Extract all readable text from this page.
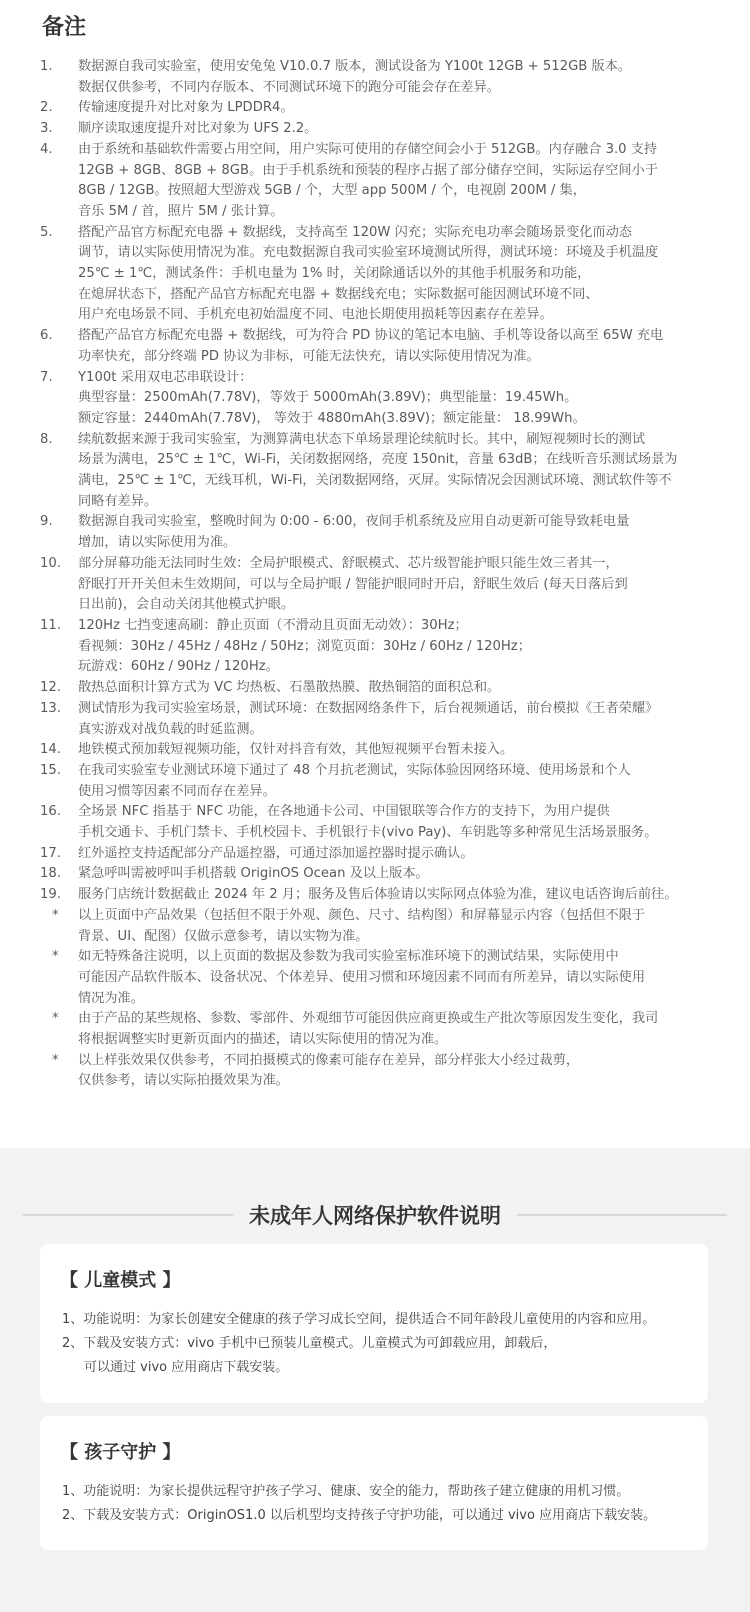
备注
1.	数据源自我司实验室，使用安兔兔 V10.0.7 版本，测试设备为 Y100t 12GB + 512GB 版本。
数据仅供参考，不同内存版本、不同测试环境下的跑分可能会存在差异。
2.	传输速度提升对比对象为 LPDDR4。
3.	顺序读取速度提升对比对象为 UFS 2.2。
4.	由于系统和基础软件需要占用空间，用户实际可使用的存储空间会小于 512GB。内存融合 3.0 支持
12GB + 8GB、8GB + 8GB。由于手机系统和预装的程序占据了部分储存空间，实际运存空间小于
8GB / 12GB。按照超大型游戏 5GB / 个，大型 app 500M / 个，电视剧 200M / 集，
音乐 5M / 首，照片 5M / 张计算。
5.	搭配产品官方标配充电器 + 数据线，支持高至 120W 闪充；实际充电功率会随场景变化而动态
调节，请以实际使用情况为准。充电数据源自我司实验室环境测试所得，测试环境：环境及手机温度
25℃ ± 1℃，测试条件：手机电量为 1% 时，关闭除通话以外的其他手机服务和功能，
在熄屏状态下，搭配产品官方标配充电器 + 数据线充电；实际数据可能因测试环境不同、
用户充电场景不同、手机充电初始温度不同、电池长期使用损耗等因素存在差异。
6.	搭配产品官方标配充电器 + 数据线，可为符合 PD 协议的笔记本电脑、手机等设备以高至 65W 充电
功率快充，部分终端 PD 协议为非标，可能无法快充，请以实际使用情况为准。
7.	Y100t 采用双电芯串联设计：
典型容量：2500mAh(7.78V)，等效于 5000mAh(3.89V)；典型能量：19.45Wh。
额定容量：2440mAh(7.78V)， 等效于 4880mAh(3.89V)；额定能量： 18.99Wh。
8.	续航数据来源于我司实验室，为测算满电状态下单场景理论续航时长。其中，刷短视频时长的测试
场景为满电，25℃ ± 1℃，Wi-Fi，关闭数据网络，亮度 150nit，音量 63dB；在线听音乐测试场景为
满电，25℃ ± 1℃，无线耳机，Wi-Fi，关闭数据网络，灭屏。实际情况会因测试环境、测试软件等不
同略有差异。
9.	数据源自我司实验室，整晚时间为 0:00 - 6:00，夜间手机系统及应用自动更新可能导致耗电量
增加，请以实际使用为准。
10.	部分屏幕功能无法同时生效：全局护眼模式、舒眠模式、芯片级智能护眼只能生效三者其一，
舒眠打开开关但未生效期间，可以与全局护眼 / 智能护眼同时开启，舒眠生效后 (每天日落后到
日出前)，会自动关闭其他模式护眼。
11.	120Hz 七挡变速高刷：静止页面（不滑动且页面无动效）：30Hz；
看视频：30Hz / 45Hz / 48Hz / 50Hz；浏览页面：30Hz / 60Hz / 120Hz；
玩游戏：60Hz / 90Hz / 120Hz。
12.	散热总面积计算方式为 VC 均热板、石墨散热膜、散热铜箔的面积总和。
13.	测试情形为我司实验室场景，测试环境：在数据网络条件下，后台视频通话，前台模拟《王者荣耀》
真实游戏对战负载的时延监测。
14.	地铁模式预加载短视频功能，仅针对抖音有效，其他短视频平台暂未接入。
15.	在我司实验室专业测试环境下通过了 48 个月抗老测试，实际体验因网络环境、使用场景和个人
使用习惯等因素不同而存在差异。
16.	全场景 NFC 指基于 NFC 功能，在各地通卡公司、中国银联等合作方的支持下，为用户提供
手机交通卡、手机门禁卡、手机校园卡、手机银行卡(vivo Pay)、车钥匙等多种常见生活场景服务。
17.	红外遥控支持适配部分产品遥控器，可通过添加遥控器时提示确认。
18.	紧急呼叫需被呼叫手机搭载 OriginOS Ocean 及以上版本。
19.	服务门店统计数据截止 2024 年 2 月；服务及售后体验请以实际网点体验为准，建议电话咨询后前往。
*	以上页面中产品效果（包括但不限于外观、颜色、尺寸、结构图）和屏幕显示内容（包括但不限于
背景、UI、配图）仅做示意参考，请以实物为准。
*	如无特殊备注说明，以上页面的数据及参数为我司实验室标准环境下的测试结果，实际使用中
可能因产品软件版本、设备状况、个体差异、使用习惯和环境因素不同而有所差异，请以实际使用
情况为准。
*	由于产品的某些规格、参数、零部件、外观细节可能因供应商更换或生产批次等原因发生变化，我司
将根据调整实时更新页面内的描述，请以实际使用的情况为准。
*	以上样张效果仅供参考，不同拍摄模式的像素可能存在差异，部分样张大小经过裁剪，
仅供参考，请以实际拍摄效果为准。
未成年人网络保护软件说明
【 儿童模式 】
1、功能说明：为家长创建安全健康的孩子学习成长空间，提供适合不同年龄段儿童使用的内容和应用。
2、下载及安装方式：vivo 手机中已预装儿童模式。儿童模式为可卸载应用，卸载后，
可以通过 vivo 应用商店下载安装。
【 孩子守护 】
1、功能说明：为家长提供远程守护孩子学习、健康、安全的能力，帮助孩子建立健康的用机习惯。
2、下载及安装方式：OriginOS1.0 以后机型均支持孩子守护功能，可以通过 vivo 应用商店下载安装。
